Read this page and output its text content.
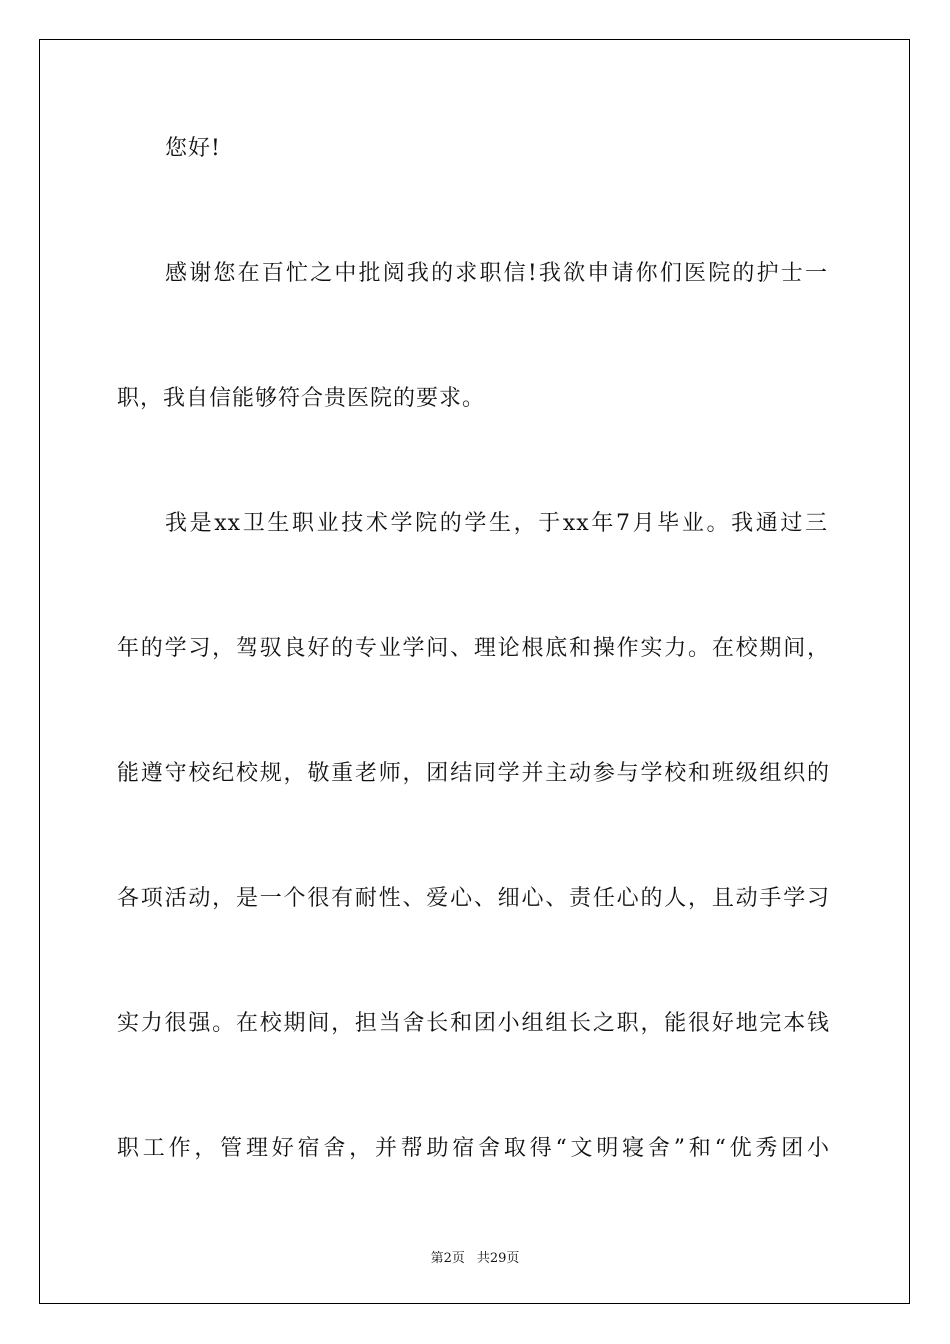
您好!
感谢您在百忙之中批阅我的求职信!我欲申请你们医院的护士一
职，我自信能够符合贵医院的要求。
我是xx卫生职业技术学院的学生，于xx年7月毕业。我通过三
年的学习，驾驭良好的专业学问、理论根底和操作实力。在校期间，
能遵守校纪校规，敬重老师，团结同学并主动参与学校和班级组织的
各项活动，是一个很有耐性、爱心、细心、责任心的人，且动手学习
实力很强。在校期间，担当舍长和团小组组长之职，能很好地完本钱
职工作，管理好宿舍，并帮助宿舍取得“文明寝舍”和“优秀团小
第2页 共29页
